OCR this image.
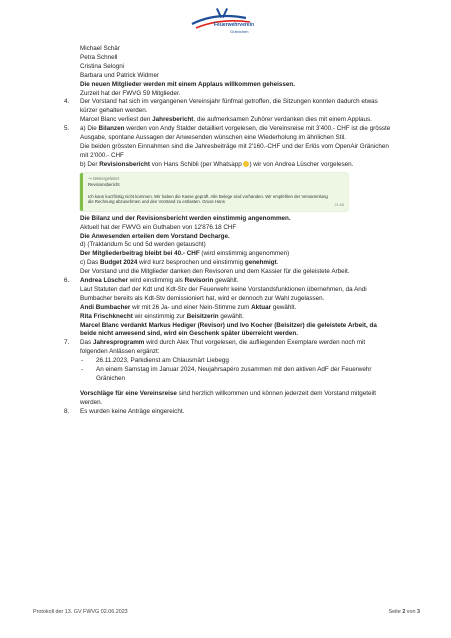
Feuerwehrverein
Gränichen

Michael Schär

Petra Schnell

Cristina Selogni

Barbara und Patrick Widmer

Die neuen Mitglieder werden mit einem Applaus willkommen geheissen.

Zurzeit hat der FWVG 59 Mitglieder.

4. Der Vorstand hat sich im vergangenen Vereinsjahr fünfmal getroffen, die Sitzungen konnten dadurch etwas kürzer gehalten werden.

Marcel Blanc verliest den Jahresbericht, die aufmerksamen Zuhörer verdanken dies mit einem Applaus.

5. a) Die Bilanzen werden von Andy Stalder detailliert vorgelesen, die Vereinsreise mit 3'400.- CHF ist die grösste Ausgabe, spontane Aussagen der Anwesenden wünschen eine Wiederholung im ähnlichen Stil.

Die beiden grössten Einnahmen sind die Jahresbeiträge mit 2'160.-CHF und der Erlös vom OpenAir Gränichen mit 2'000.- CHF

b) Der Revisionsbericht von Hans Schibli (per Whatsapp ) wir von Andrea Lüscher vorgelesen.

↪ Weitergeleitet
Revisionsbericht
Ich kann kurzfristig nicht kommen. Wir haben die Kasse geprüft. Alle Belege sind vorhanden. Wir empfehlen der Versammlung die Rechnung abzunehmen und den Vorstand zu entlasten. Gruss Hans
21:58

Die Bilanz und der Revisionsbericht werden einstimmig angenommen.

Aktuell hat der FWVG ein Guthaben von 12'876.18 CHF

Die Anwesenden erteilen dem Vorstand Decharge.

d) (Traktandum 5c und 5d werden getauscht)

Der Mitgliederbeitrag bleibt bei 40.- CHF (wird einstimmig angenommen)

c) Das Budget 2024 wird kurz besprochen und einstimmig genehmigt.

Der Vorstand und die Mitglieder danken den Revisoren und dem Kassier für die geleistete Arbeit.

6. Andrea Lüscher wird einstimmig als Revisorin gewählt.

Laut Statuten darf der Kdt und Kdt-Stv der Feuerwehr keine Vorstandsfunktionen übernehmen, da Andi Bumbacher bereits als Kdt-Stv demissioniert hat, wird er dennoch zur Wahl zugelassen.

Andi Bumbacher wir mit 26 Ja- und einer Nein-Stimme zum Aktuar gewählt.

Rita Frischknecht wir einstimmig zur Beisitzerin gewählt.

Marcel Blanc verdankt Markus Hediger (Revisor) und Ivo Kocher (Beisitzer) die geleistete Arbeit, da beide nicht anwesend sind, wird ein Geschenk später überreicht werden.

7. Das Jahresprogramm wird durch Alex Thut vorgelesen, die aufliegenden Exemplare werden noch mit folgenden Anlässen ergänzt:

- 26.11.2023, Parkdienst am Chlausmärt Liebegg

- An einem Samstag im Januar 2024, Neujahrsapéro zusammen mit den aktiven AdF der Feuerwehr Gränichen

Vorschläge für eine Vereinsreise sind herzlich willkommen und können jederzeit dem Vorstand mitgeteilt werden.

8. Es wurden keine Anträge eingereicht.

Protokoll der 13. GV FWVG 02.06.2023	Seite 2 von 3
